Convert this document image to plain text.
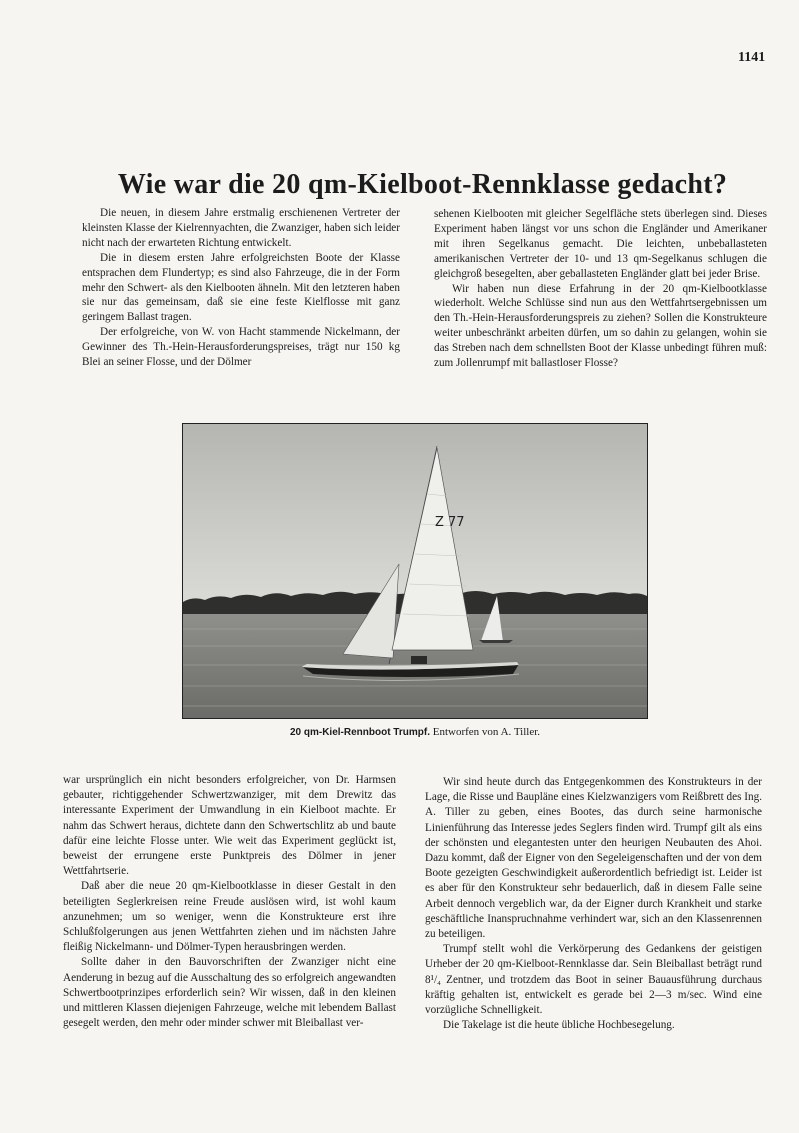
1141
Wie war die 20 qm-Kielboot-Rennklasse gedacht?

Die neuen, in diesem Jahre erstmalig erschienenen Vertreter der kleinsten Klasse der Kielrennyachten, die Zwanziger, haben sich leider nicht nach der erwarteten Richtung entwickelt.

Die in diesem ersten Jahre erfolgreichsten Boote der Klasse entsprachen dem Flundertyp; es sind also Fahrzeuge, die in der Form mehr den Schwert- als den Kielbooten ähneln. Mit den letzteren haben sie nur das gemeinsam, daß sie eine feste Kielflosse mit ganz geringem Ballast tragen.

Der erfolgreiche, von W. von Hacht stammende Nickelmann, der Gewinner des Th.-Hein-Herausforderungspreises, trägt nur 150 kg Blei an seiner Flosse, und der Dölmer

sehenen Kielbooten mit gleicher Segelfläche stets überlegen sind. Dieses Experiment haben längst vor uns schon die Engländer und Amerikaner mit ihren Segelkanus gemacht. Die leichten, unbeballasteten amerikanischen Vertreter der 10- und 13 qm-Segelkanus schlugen die gleichgroß besegelten, aber geballasteten Engländer glatt bei jeder Brise.

Wir haben nun diese Erfahrung in der 20 qm-Kielbootklasse wiederholt. Welche Schlüsse sind nun aus den Wettfahrtsergebnissen um den Th.-Hein-Herausforderungspreis zu ziehen? Sollen die Konstrukteure weiter unbeschränkt arbeiten dürfen, um so dahin zu gelangen, wohin sie das Streben nach dem schnellsten Boot der Klasse unbedingt führen muß: zum Jollenrumpf mit ballastloser Flosse?

Z 77
20 qm-Kiel-Rennboot Trumpf. Entworfen von A. Tiller.

war ursprünglich ein nicht besonders erfolgreicher, von Dr. Harmsen gebauter, richtiggehender Schwertzwanziger, mit dem Drewitz das interessante Experiment der Umwandlung in ein Kielboot machte. Er nahm das Schwert heraus, dichtete dann den Schwertschlitz ab und baute dafür eine leichte Flosse unter. Wie weit das Experiment geglückt ist, beweist der errungene erste Punktpreis des Dölmer in jener Wettfahrtserie.

Daß aber die neue 20 qm-Kielbootklasse in dieser Gestalt in den beteiligten Seglerkreisen reine Freude auslösen wird, ist wohl kaum anzunehmen; um so weniger, wenn die Konstrukteure erst ihre Schlußfolgerungen aus jenen Wettfahrten ziehen und im nächsten Jahre fleißig Nickelmann- und Dölmer-Typen herausbringen werden.

Sollte daher in den Bauvorschriften der Zwanziger nicht eine Aenderung in bezug auf die Ausschaltung des so erfolgreich angewandten Schwertbootprinzipes erforderlich sein? Wir wissen, daß in den kleinen und mittleren Klassen diejenigen Fahrzeuge, welche mit lebendem Ballast gesegelt werden, den mehr oder minder schwer mit Bleiballast ver-

Wir sind heute durch das Entgegenkommen des Konstrukteurs in der Lage, die Risse und Baupläne eines Kielzwanzigers vom Reißbrett des Ing. A. Tiller zu geben, eines Bootes, das durch seine harmonische Linienführung das Interesse jedes Seglers finden wird. Trumpf gilt als eins der schönsten und elegantesten unter den heurigen Neubauten des Ahoi. Dazu kommt, daß der Eigner von den Segeleigenschaften und der von dem Boote gezeigten Geschwindigkeit außerordentlich befriedigt ist. Leider ist es aber für den Konstrukteur sehr bedauerlich, daß in diesem Falle seine Arbeit dennoch vergeblich war, da der Eigner durch Krankheit und starke geschäftliche Inanspruchnahme verhindert war, sich an den Klassenrennen zu beteiligen.

Trumpf stellt wohl die Verkörperung des Gedankens der geistigen Urheber der 20 qm-Kielboot-Rennklasse dar. Sein Bleiballast beträgt rund 8¹/₄ Zentner, und trotzdem das Boot in seiner Bauausführung durchaus kräftig gehalten ist, entwickelt es gerade bei 2—3 m/sec. Wind eine vorzügliche Schnelligkeit.

Die Takelage ist die heute übliche Hochbesegelung.
